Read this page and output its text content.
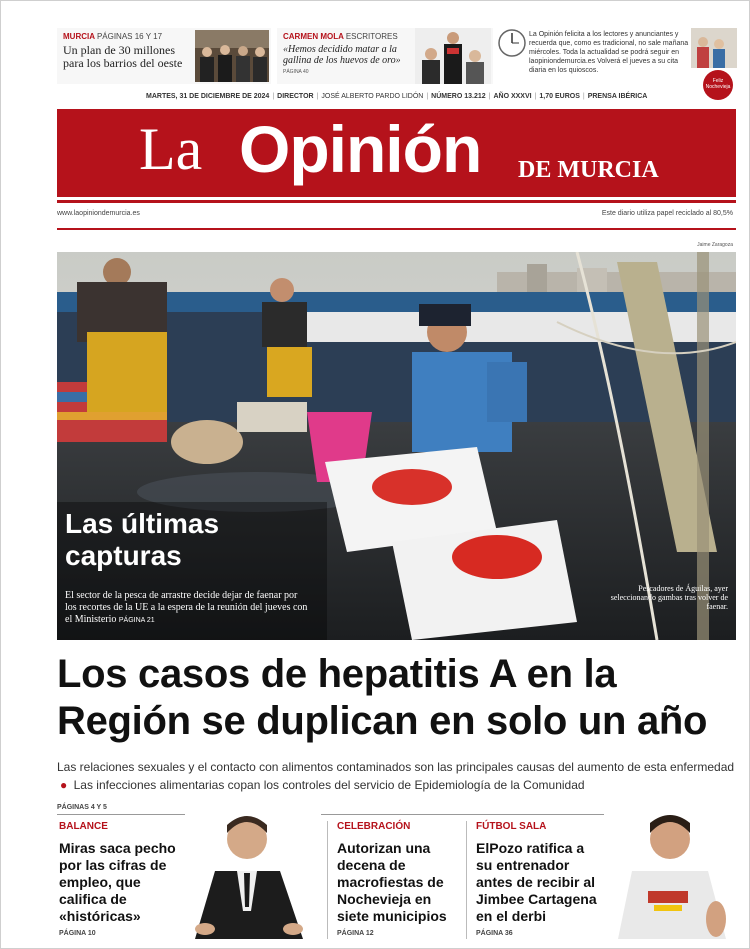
MURCIA PÁGINAS 16 Y 17
Un plan de 30 millones para los barrios del oeste
CARMEN MOLA ESCRITORES
«Hemos decidido matar a la gallina de los huevos de oro»
PÁGINA 40
La Opinión felicita a los lectores y anunciantes y recuerda que, como es tradicional, no sale mañana miércoles. Toda la actualidad se podrá seguir en laopiniondemurcia.es Volverá el jueves a su cita diaria en los quioscos.
Feliz Nochevieja
MARTES, 31 DE DICIEMBRE DE 2024 | DIRECTOR | JOSÉ ALBERTO PARDO LIDÓN | NÚMERO 13.212 | AÑO XXXVI | 1,70 EUROS | PRENSA IBÉRICA
La Opinión DE MURCIA
www.laopiniondemurcia.es	Este diario utiliza papel reciclado al 80,5%
Jaime Zaragoza
Las últimas
capturas
El sector de la pesca de arrastre decide dejar de faenar por los recortes de la UE a la espera de la reunión del jueves con el Ministerio PÁGINA 21
Pescadores de Águilas, ayer seleccionando gambas tras volver de faenar.
Los casos de hepatitis A en la
Región se duplican en solo un año
Las relaciones sexuales y el contacto con alimentos contaminados son las principales causas del aumento de esta enfermedad ● Las infecciones alimentarias copan los controles del servicio de Epidemiología de la Comunidad
PÁGINAS 4 Y 5
BALANCE
Miras saca pecho por las cifras de empleo, que califica de «históricas»
PÁGINA 10
CELEBRACIÓN
Autorizan una decena de macrofiestas de Nochevieja en siete municipios
PÁGINA 12
FÚTBOL SALA
ElPozo ratifica a su entrenador antes de recibir al Jimbee Cartagena en el derbi
PÁGINA 36
